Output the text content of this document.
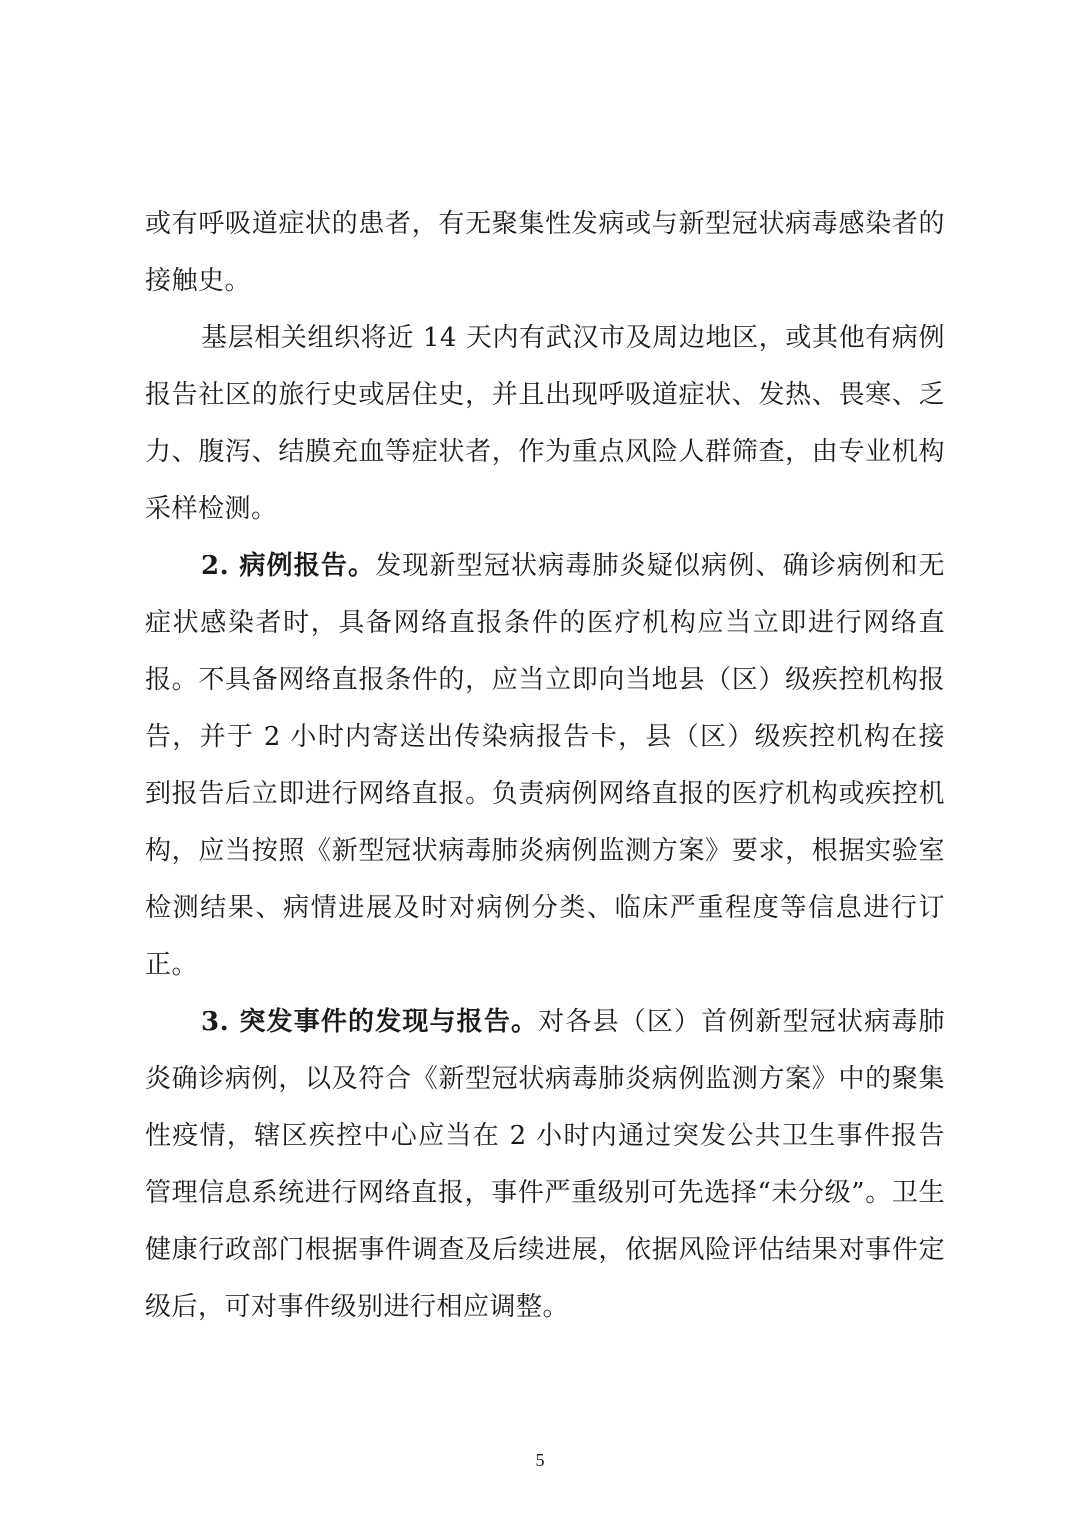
或有呼吸道症状的患者，有无聚集性发病或与新型冠状病毒感染者的接触史。

基层相关组织将近 14 天内有武汉市及周边地区，或其他有病例报告社区的旅行史或居住史，并且出现呼吸道症状、发热、畏寒、乏力、腹泻、结膜充血等症状者，作为重点风险人群筛查，由专业机构采样检测。

2. 病例报告。发现新型冠状病毒肺炎疑似病例、确诊病例和无症状感染者时，具备网络直报条件的医疗机构应当立即进行网络直报。不具备网络直报条件的，应当立即向当地县（区）级疾控机构报告，并于 2 小时内寄送出传染病报告卡，县（区）级疾控机构在接到报告后立即进行网络直报。负责病例网络直报的医疗机构或疾控机构，应当按照《新型冠状病毒肺炎病例监测方案》要求，根据实验室检测结果、病情进展及时对病例分类、临床严重程度等信息进行订正。

3. 突发事件的发现与报告。对各县（区）首例新型冠状病毒肺炎确诊病例，以及符合《新型冠状病毒肺炎病例监测方案》中的聚集性疫情，辖区疾控中心应当在 2 小时内通过突发公共卫生事件报告管理信息系统进行网络直报，事件严重级别可先选择“未分级”。卫生健康行政部门根据事件调查及后续进展，依据风险评估结果对事件定级后，可对事件级别进行相应调整。

5
